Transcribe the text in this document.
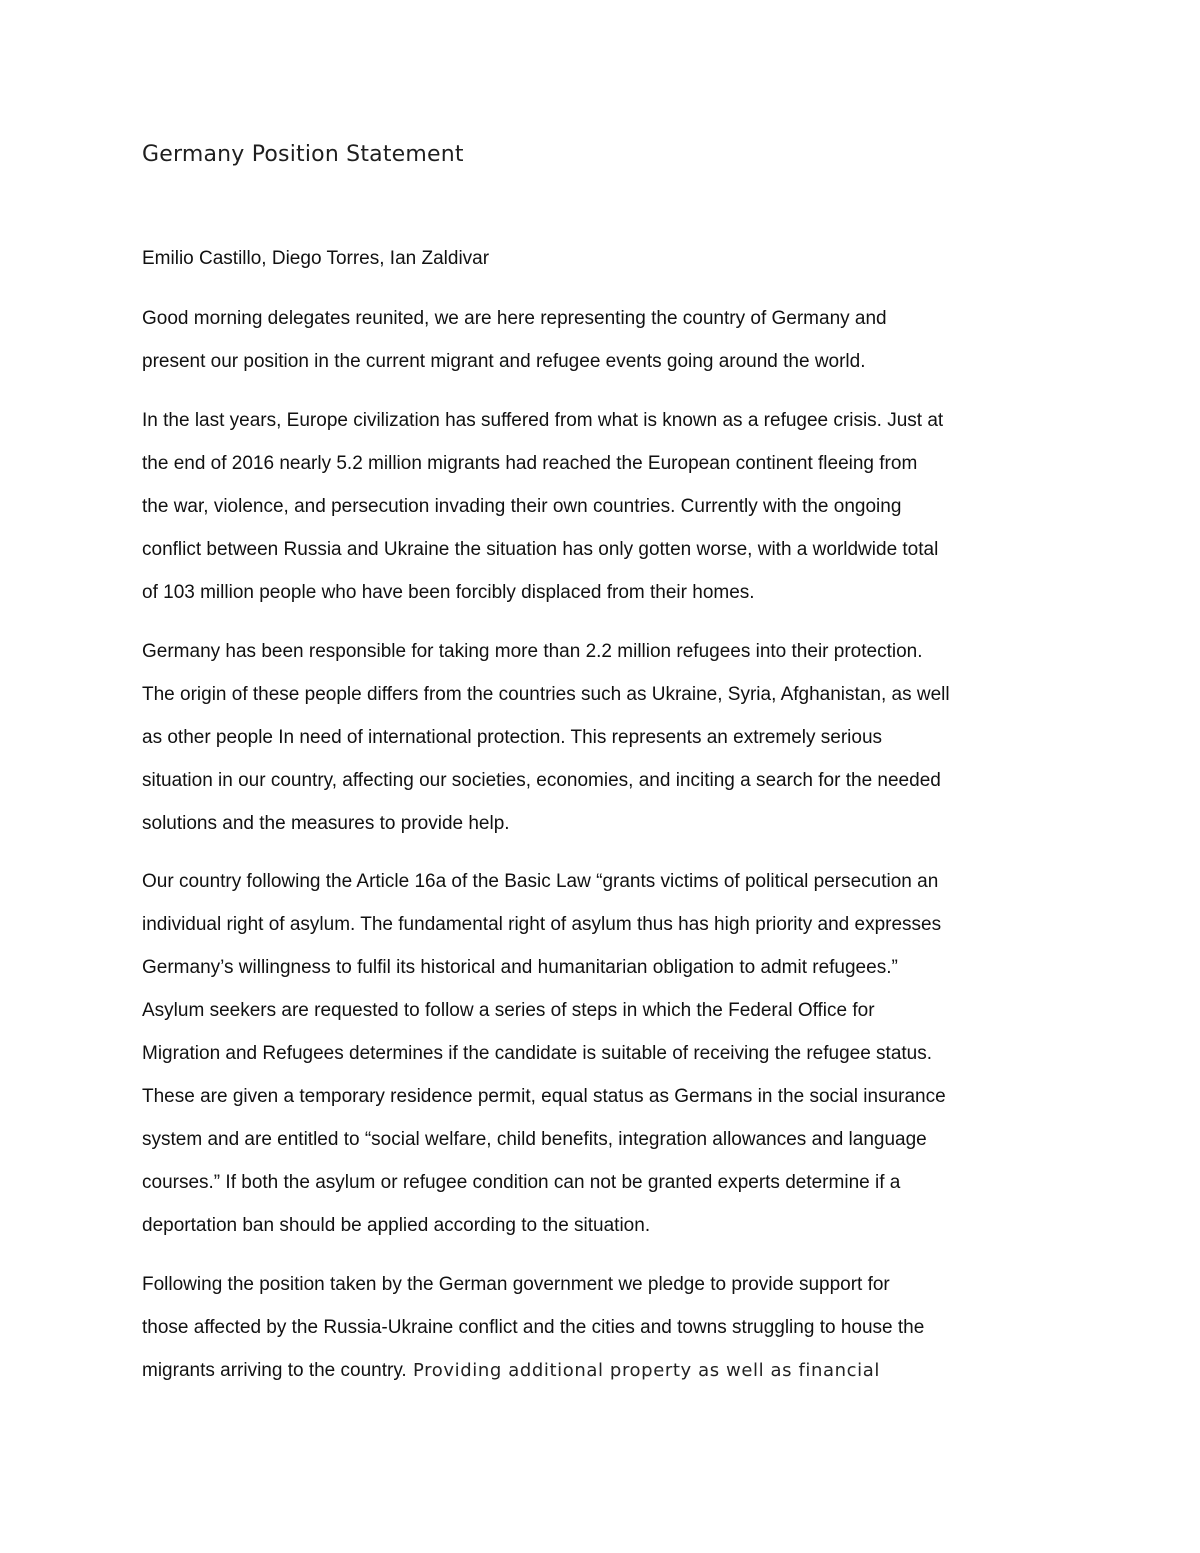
Germany Position Statement
Emilio Castillo, Diego Torres, Ian Zaldivar
Good morning delegates reunited, we are here representing the country of Germany and
present our position in the current migrant and refugee events going around the world.
In the last years, Europe civilization has suffered from what is known as a refugee crisis. Just at
the end of 2016 nearly 5.2 million migrants had reached the European continent fleeing from
the war, violence, and persecution invading their own countries. Currently with the ongoing
conflict between Russia and Ukraine the situation has only gotten worse, with a worldwide total
of 103 million people who have been forcibly displaced from their homes.
Germany has been responsible for taking more than 2.2 million refugees into their protection.
The origin of these people differs from the countries such as Ukraine, Syria, Afghanistan, as well
as other people In need of international protection. This represents an extremely serious
situation in our country, affecting our societies, economies, and inciting a search for the needed
solutions and the measures to provide help.
Our country following the Article 16a of the Basic Law “grants victims of political persecution an
individual right of asylum. The fundamental right of asylum thus has high priority and expresses
Germany’s willingness to fulfil its historical and humanitarian obligation to admit refugees.”
Asylum seekers are requested to follow a series of steps in which the Federal Office for
Migration and Refugees determines if the candidate is suitable of receiving the refugee status.
These are given a temporary residence permit, equal status as Germans in the social insurance
system and are entitled to “social welfare, child benefits, integration allowances and language
courses.” If both the asylum or refugee condition can not be granted experts determine if a
deportation ban should be applied according to the situation.
Following the position taken by the German government we pledge to provide support for
those affected by the Russia-Ukraine conflict and the cities and towns struggling to house the
migrants arriving to the country. Providing additional property as well as financial
